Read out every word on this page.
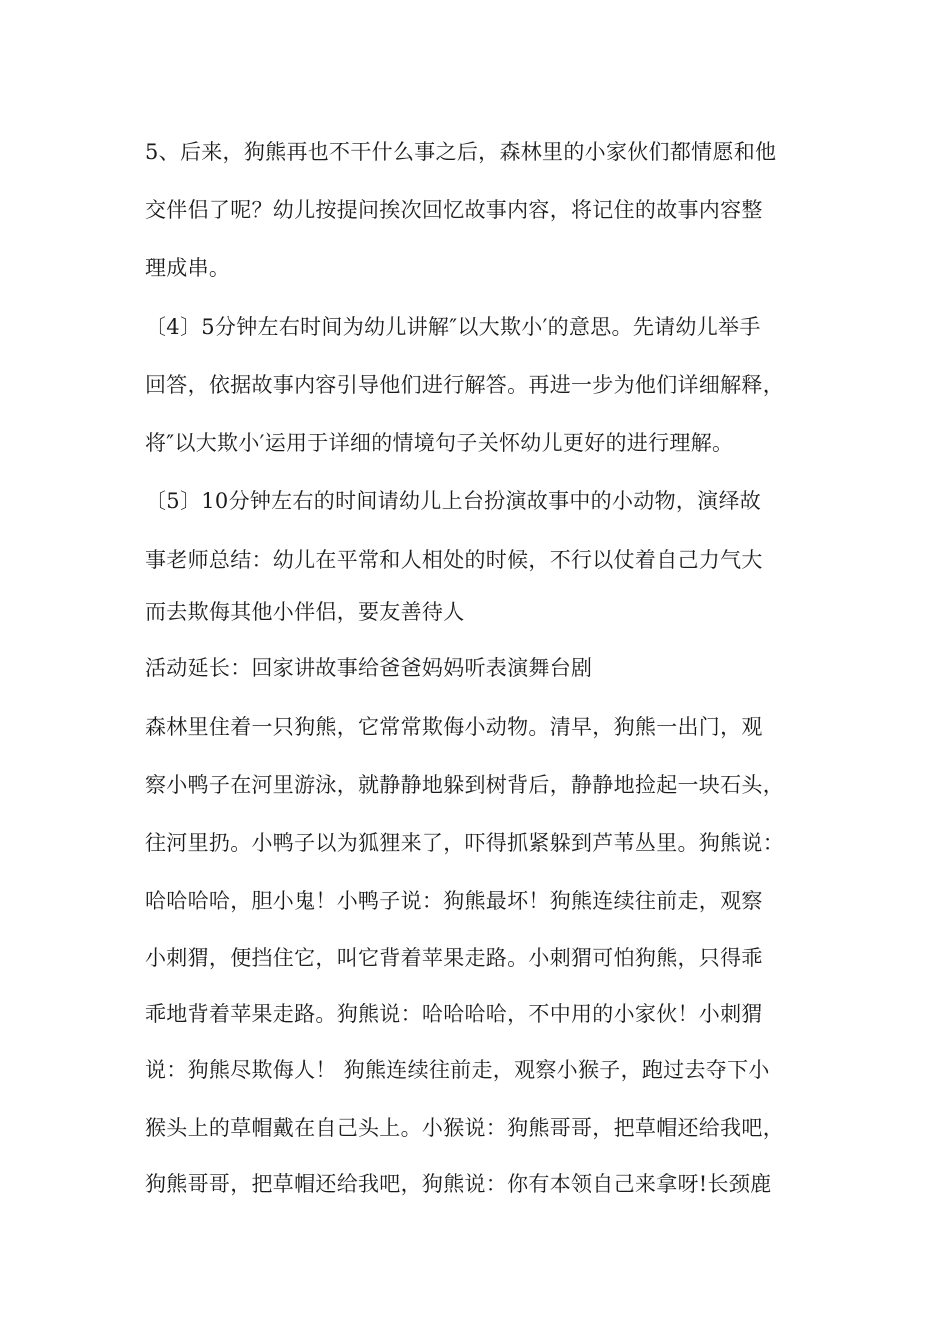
5、后来，狗熊再也不干什么事之后，森林里的小家伙们都情愿和他
交伴侣了呢？幼儿按提问挨次回忆故事内容，将记住的故事内容整
理成串。
〔4〕5分钟左右时间为幼儿讲解″以大欺小′的意思。先请幼儿举手
回答，依据故事内容引导他们进行解答。再进一步为他们详细解释，
将″以大欺小′运用于详细的情境句子关怀幼儿更好的进行理解。
〔5〕10分钟左右的时间请幼儿上台扮演故事中的小动物，演绎故
事老师总结：幼儿在平常和人相处的时候，不行以仗着自己力气大
而去欺侮其他小伴侣，要友善待人
活动延长：回家讲故事给爸爸妈妈听表演舞台剧
森林里住着一只狗熊，它常常欺侮小动物。清早，狗熊一出门，观
察小鸭子在河里游泳，就静静地躲到树背后，静静地捡起一块石头，
往河里扔。小鸭子以为狐狸来了，吓得抓紧躲到芦苇丛里。狗熊说：
哈哈哈哈，胆小鬼！小鸭子说：狗熊最坏！狗熊连续往前走，观察
小刺猬，便挡住它，叫它背着苹果走路。小刺猬可怕狗熊，只得乖
乖地背着苹果走路。狗熊说：哈哈哈哈，不中用的小家伙！小刺猬
说：狗熊尽欺侮人！ 狗熊连续往前走，观察小猴子，跑过去夺下小
猴头上的草帽戴在自己头上。小猴说：狗熊哥哥，把草帽还给我吧，
狗熊哥哥，把草帽还给我吧，狗熊说：你有本领自己来拿呀!长颈鹿
